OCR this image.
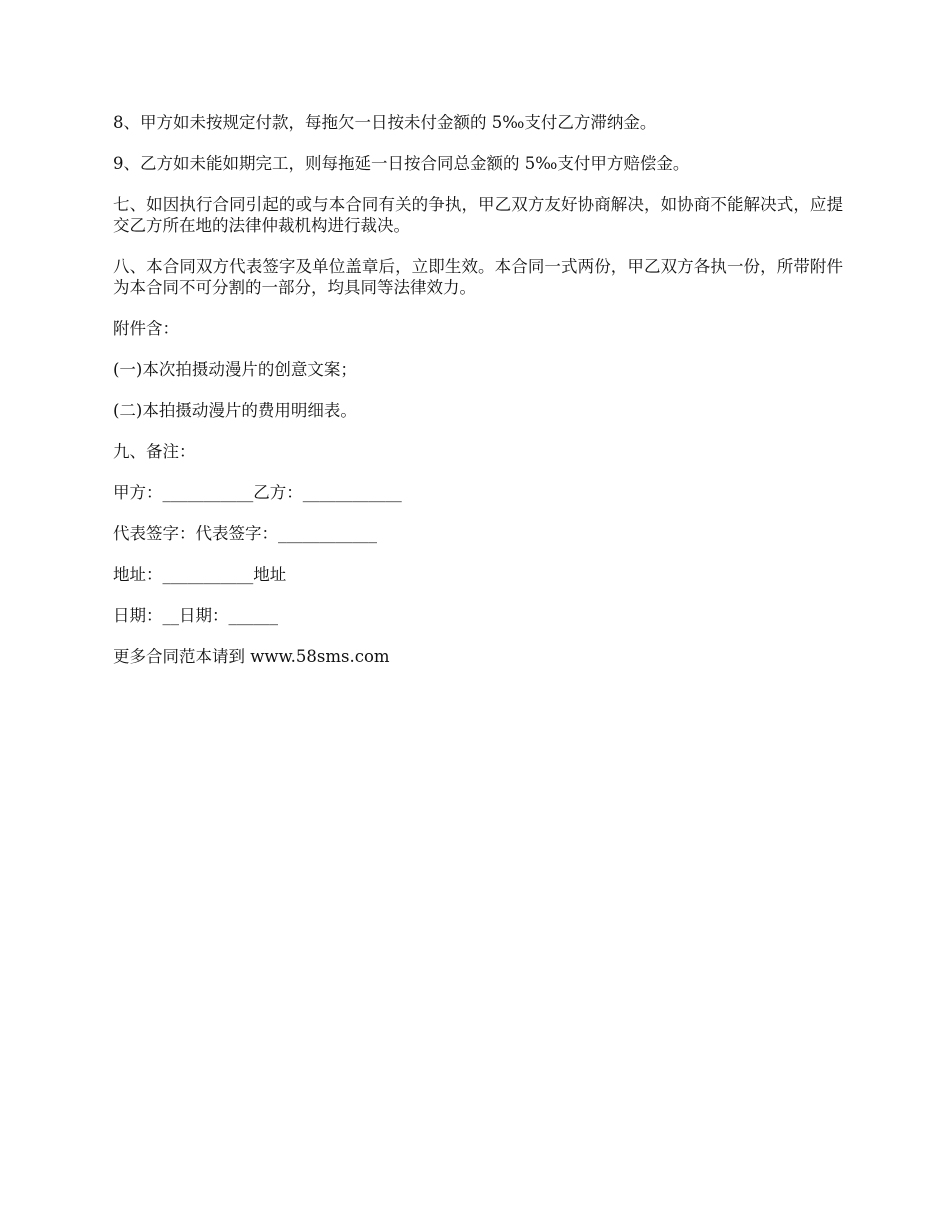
8、甲方如未按规定付款，每拖欠一日按未付金额的 5‰支付乙方滞纳金。

9、乙方如未能如期完工，则每拖延一日按合同总金额的 5‰支付甲方赔偿金。

七、如因执行合同引起的或与本合同有关的争执，甲乙双方友好协商解决，如协商不能解决式，应提交乙方所在地的法律仲裁机构进行裁决。

八、本合同双方代表签字及单位盖章后，立即生效。本合同一式两份，甲乙双方各执一份，所带附件为本合同不可分割的一部分，均具同等法律效力。

附件含：

(一)本次拍摄动漫片的创意文案；

(二)本拍摄动漫片的费用明细表。

九、备注：

甲方：___________乙方：____________

代表签字：代表签字：____________

地址：___________地址

日期：__日期：______

更多合同范本请到 www.58sms.com
